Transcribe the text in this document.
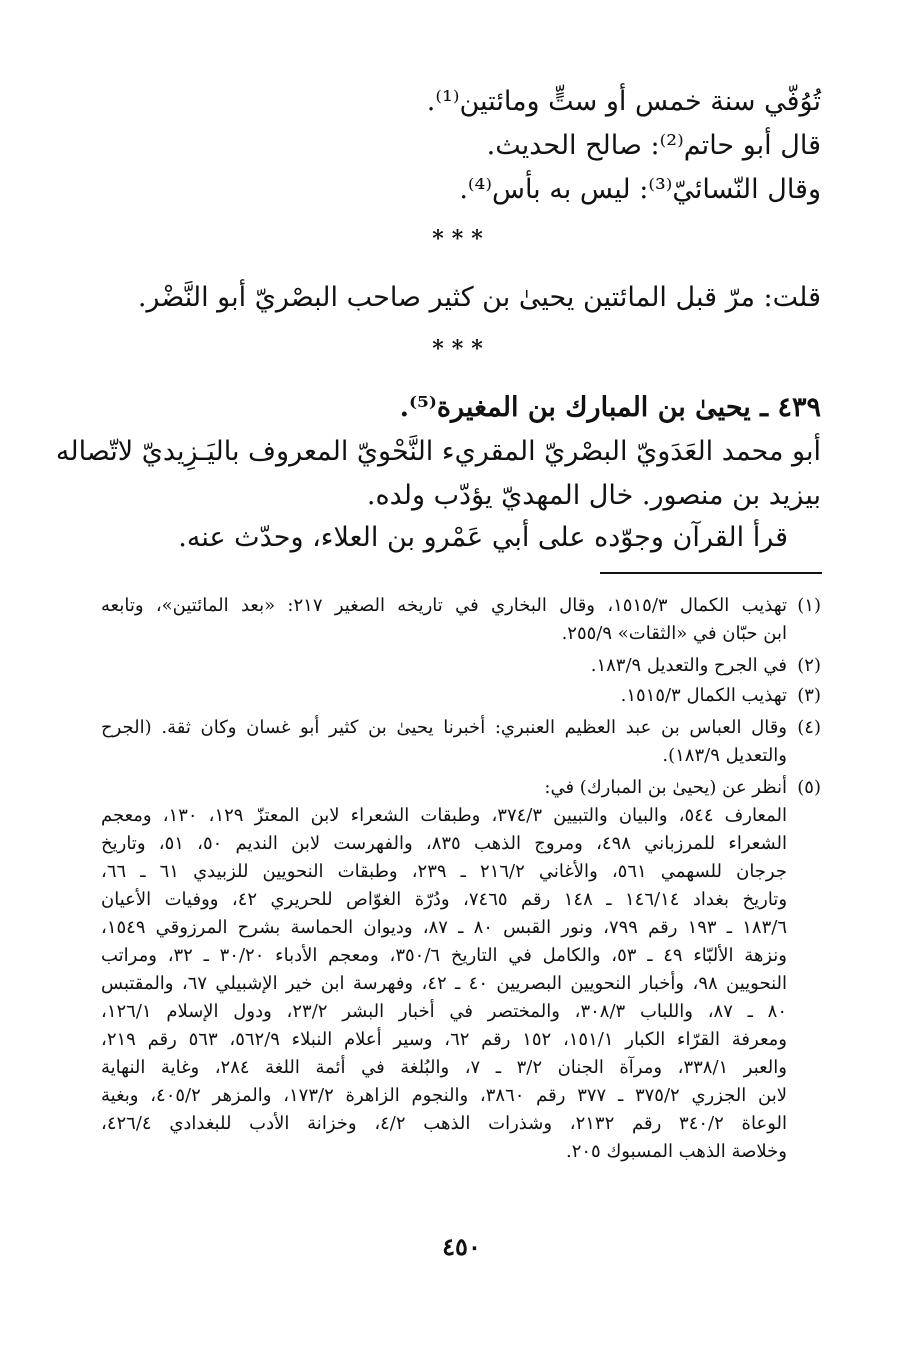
تُوُفّي سنة خمس أو ستٍّ ومائتين⁽¹⁾.
قال أبو حاتم⁽²⁾: صالح الحديث.
وقال النّسائيّ⁽³⁾: ليس به بأس⁽⁴⁾.
***
قلت: مرّ قبل المائتين يحيىٰ بن كثير صاحب البصْريّ أبو النَّضْر.
***
٤٣٩ ـ يحيىٰ بن المبارك بن المغيرة⁽⁵⁾.
أبو محمد العَدَويّ البصْريّ المقريء النَّحْويّ المعروف باليَـزِيديّ لاتّصاله
بيزيد بن منصور. خال المهديّ يؤدّب ولده.
قرأ القرآن وجوّده على أبي عَمْرو بن العلاء، وحدّث عنه.
(١)
تهذيب الكمال ١٥١٥/٣، وقال البخاري في تاريخه الصغير ٢١٧: «بعد المائتين»، وتابعه
ابن حبّان في «الثقات» ٢٥٥/٩.
(٢)
في الجرح والتعديل ١٨٣/٩.
(٣)
تهذيب الكمال ١٥١٥/٣.
(٤)
وقال العباس بن عبد العظيم العنبري: أخبرنا يحيىٰ بن كثير أبو غسان وكان ثقة. (الجرح
والتعديل ١٨٣/٩).
(٥)
أنظر عن (يحيىٰ بن المبارك) في:
المعارف ٥٤٤، والبيان والتبيين ٣٧٤/٣، وطبقات الشعراء لابن المعتزّ ١٢٩، ١٣٠، ومعجم
الشعراء للمرزباني ٤٩٨، ومروج الذهب ٨٣٥، والفهرست لابن النديم ٥٠، ٥١، وتاريخ
جرجان للسهمي ٥٦١، والأغاني ٢١٦/٢ ـ ٢٣٩، وطبقات النحويين للزبيدي ٦١ ـ ٦٦،
وتاريخ بغداد ١٤٦/١٤ ـ ١٤٨ رقم ٧٤٦٥، ودُرّة الغوّاص للحريري ٤٢، ووفيات الأعيان
١٨٣/٦ ـ ١٩٣ رقم ٧٩٩، ونور القبس ٨٠ ـ ٨٧، وديوان الحماسة بشرح المرزوقي ١٥٤٩،
ونزهة الألبّاء ٤٩ ـ ٥٣، والكامل في التاريخ ٣٥٠/٦، ومعجم الأدباء ٣٠/٢٠ ـ ٣٢، ومراتب
النحويين ٩٨، وأخبار النحويين البصريين ٤٠ ـ ٤٢، وفهرسة ابن خير الإشبيلي ٦٧، والمقتبس
٨٠ ـ ٨٧، واللباب ٣٠٨/٣، والمختصر في أخبار البشر ٢٣/٢، ودول الإسلام ١٢٦/١،
ومعرفة القرّاء الكبار ١٥١/١، ١٥٢ رقم ٦٢، وسير أعلام النبلاء ٥٦٢/٩، ٥٦٣ رقم ٢١٩،
والعبر ٣٣٨/١، ومرآة الجنان ٣/٢ ـ ٧، والبُلغة في أئمة اللغة ٢٨٤، وغاية النهاية
لابن الجزري ٣٧٥/٢ ـ ٣٧٧ رقم ٣٨٦٠، والنجوم الزاهرة ١٧٣/٢، والمزهر ٤٠٥/٢، وبغية
الوعاة ٣٤٠/٢ رقم ٢١٣٢، وشذرات الذهب ٤/٢، وخزانة الأدب للبغدادي ٤٢٦/٤،
وخلاصة الذهب المسبوك ٢٠٥.
٤٥٠
